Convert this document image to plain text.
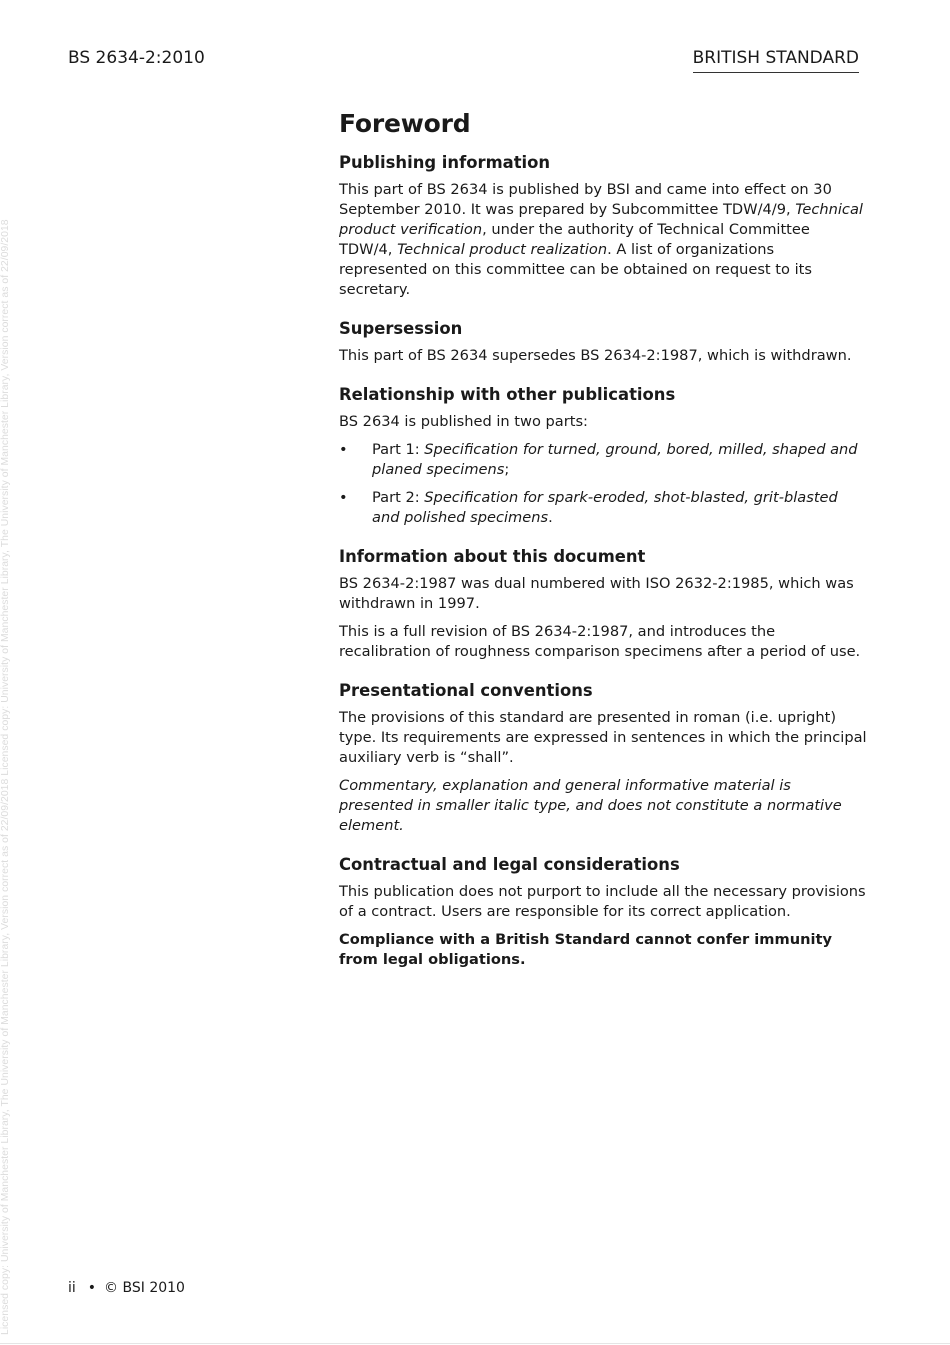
Licensed copy: University of Manchester Library, The University of Manchester Library, Version correct as of 22/09/2018 Licensed copy: University of Manchester Library, The University of Manchester Library, Version correct as of 22/09/2018
BS 2634-2:2010	BRITISH STANDARD
Foreword
Publishing information

This part of BS 2634 is published by BSI and came into effect on 30 September 2010. It was prepared by Subcommittee TDW/4/9, Technical product verification, under the authority of Technical Committee TDW/4, Technical product realization. A list of organizations represented on this committee can be obtained on request to its secretary.

Supersession

This part of BS 2634 supersedes BS 2634-2:1987, which is withdrawn.

Relationship with other publications

BS 2634 is published in two parts:

• Part 1: Specification for turned, ground, bored, milled, shaped and planed specimens;
• Part 2: Specification for spark-eroded, shot-blasted, grit-blasted and polished specimens.
Information about this document

BS 2634-2:1987 was dual numbered with ISO 2632-2:1985, which was withdrawn in 1997.

This is a full revision of BS 2634-2:1987, and introduces the recalibration of roughness comparison specimens after a period of use.

Presentational conventions

The provisions of this standard are presented in roman (i.e. upright) type. Its requirements are expressed in sentences in which the principal auxiliary verb is “shall”.

Commentary, explanation and general informative material is presented in smaller italic type, and does not constitute a normative element.

Contractual and legal considerations

This publication does not purport to include all the necessary provisions of a contract. Users are responsible for its correct application.

Compliance with a British Standard cannot confer immunity from legal obligations.

ii • © BSI 2010
